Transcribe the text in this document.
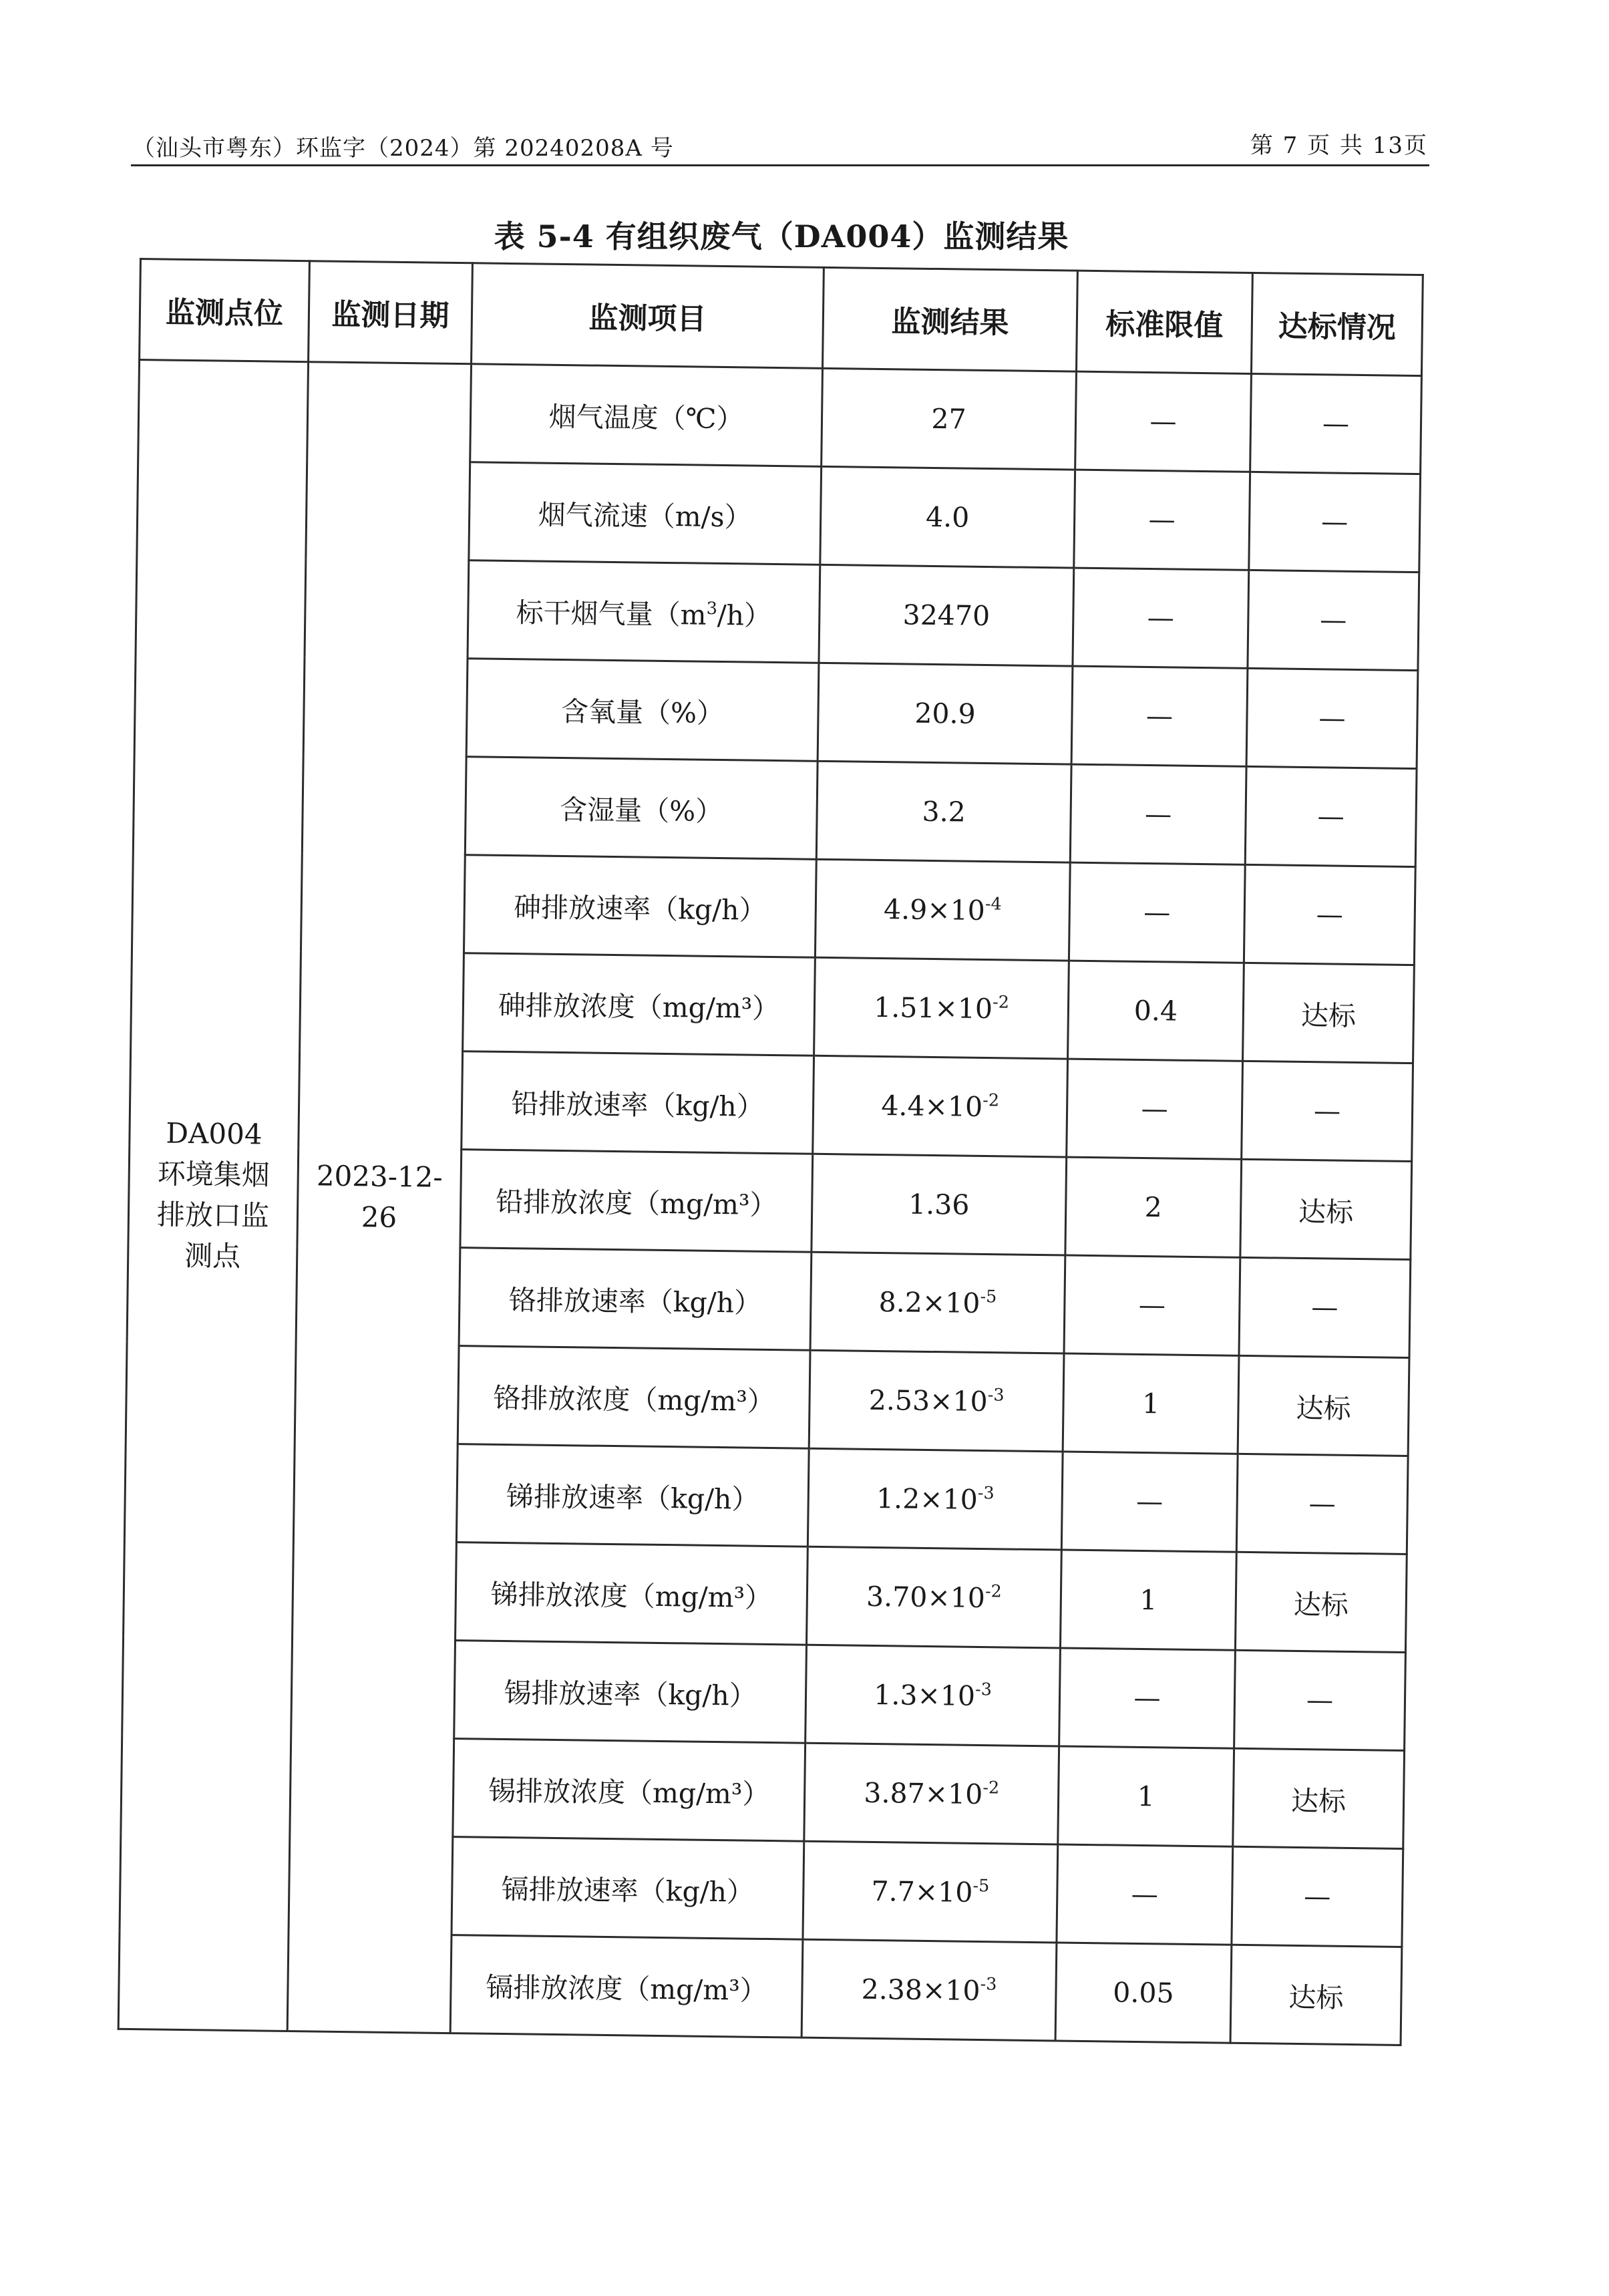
（汕头市粤东）环监字（2024）第 20240208A 号	第 7 页 共 13页
表 5-4 有组织废气（DA004）监测结果
监测点位	监测日期	监测项目	监测结果	标准限值	达标情况

DA004
环境集烟
排放口监
测点	2023-12-26	烟气温度（℃）	27	—	—
		烟气流速（m/s）	4.0	—	—
		标干烟气量$(m^3/h)$	32470	—	—
		含氧量（%）	20.9	—	—
		含湿量（%）	3.2	—	—
		砷排放速率（kg/h）	$4.9\times 10^{-4}$	—	—
		砷排放浓度（mg/m³）	$1.51\times 10^{-2}$	0.4	达标
		铅排放速率（kg/h）	$4.4\times 10^{-2}$	—	—
		铅排放浓度（mg/m³）	1.36	2	达标
		铬排放速率（kg/h）	$8.2\times 10^{-5}$	—	—
		铬排放浓度（mg/m³）	$2.53\times 10^{-3}$	1	达标
		锑排放速率（kg/h）	$1.2\times 10^{-3}$	—	—
		锑排放浓度（mg/m³）	$3.70\times 10^{-2}$	1	达标
		锡排放速率（kg/h）	$1.3\times 10^{-3}$	—	—
		锡排放浓度（mg/m³）	$3.87\times 10^{-2}$	1	达标
		镉排放速率（kg/h）	$7.7\times 10^{-5}$	—	—
		镉排放浓度（mg/m³）	$2.38\times 10^{-3}$	0.05	达标
